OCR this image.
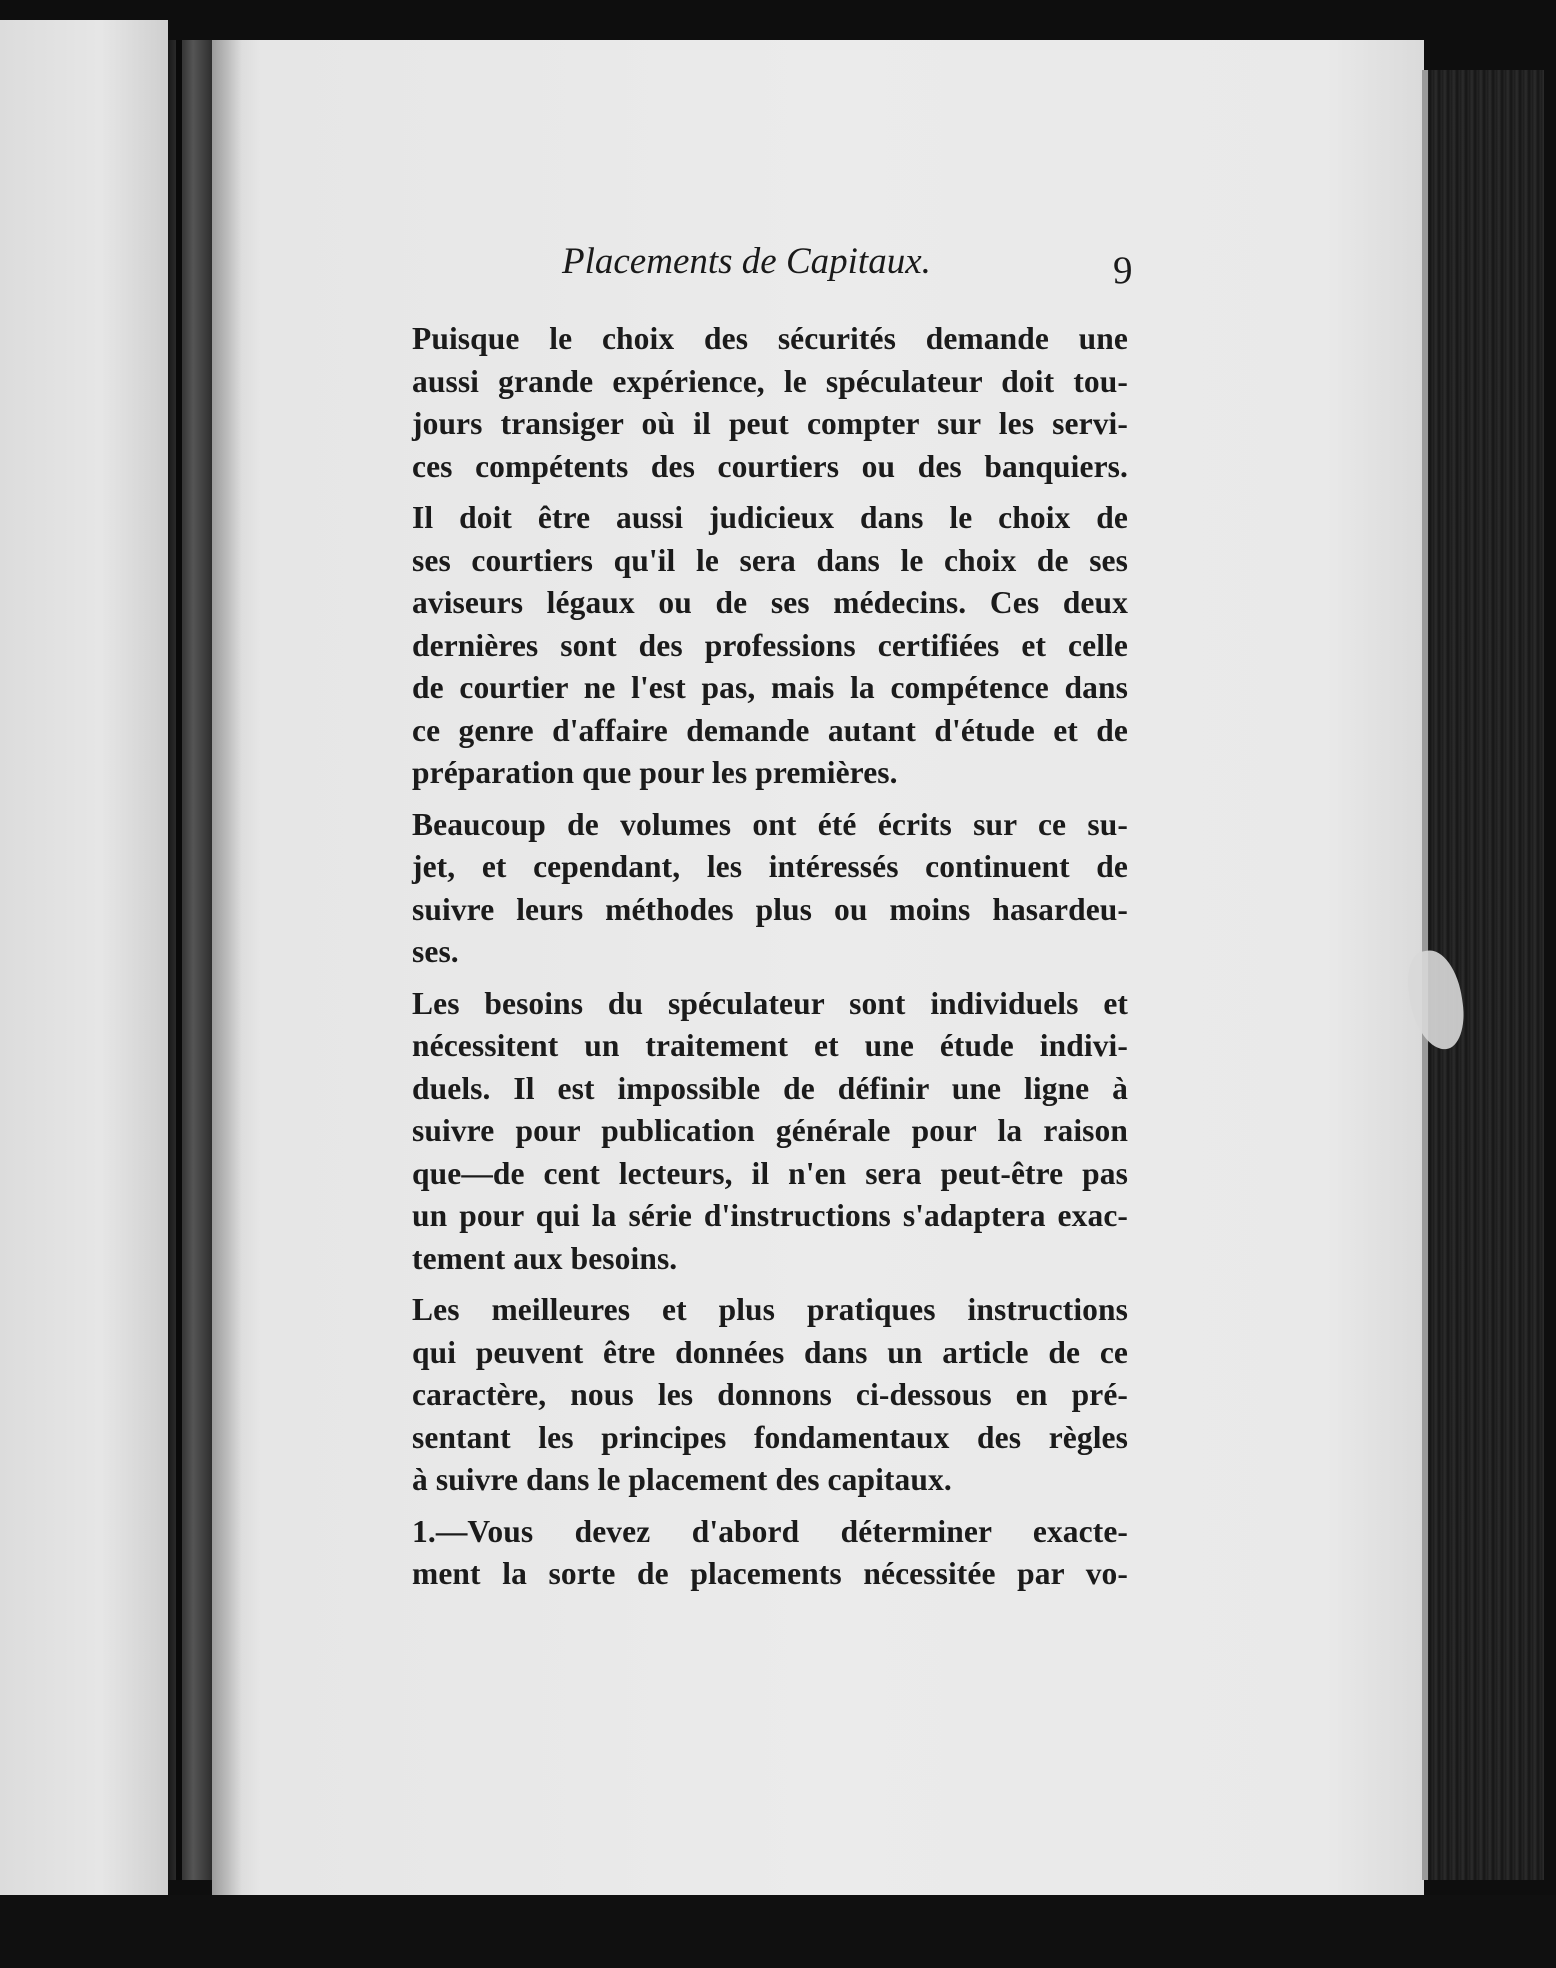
Placements de Capitaux.	9

Puisque le choix des sécurités demande une
aussi grande expérience, le spéculateur doit tou-
jours transiger où il peut compter sur les servi-
ces compétents des courtiers ou des banquiers.

Il doit être aussi judicieux dans le choix de
ses courtiers qu'il le sera dans le choix de ses
aviseurs légaux ou de ses médecins. Ces deux
dernières sont des professions certifiées et celle
de courtier ne l'est pas, mais la compétence dans
ce genre d'affaire demande autant d'étude et de
préparation que pour les premières.

Beaucoup de volumes ont été écrits sur ce su-
jet, et cependant, les intéressés continuent de
suivre leurs méthodes plus ou moins hasardeu-
ses.

Les besoins du spéculateur sont individuels et
nécessitent un traitement et une étude indivi-
duels. Il est impossible de définir une ligne à
suivre pour publication générale pour la raison
que—de cent lecteurs, il n'en sera peut-être pas
un pour qui la série d'instructions s'adaptera exac-
tement aux besoins.

Les meilleures et plus pratiques instructions
qui peuvent être données dans un article de ce
caractère, nous les donnons ci-dessous en pré-
sentant les principes fondamentaux des règles
à suivre dans le placement des capitaux.

1.—Vous devez d'abord déterminer exacte-
ment la sorte de placements nécessitée par vo-
